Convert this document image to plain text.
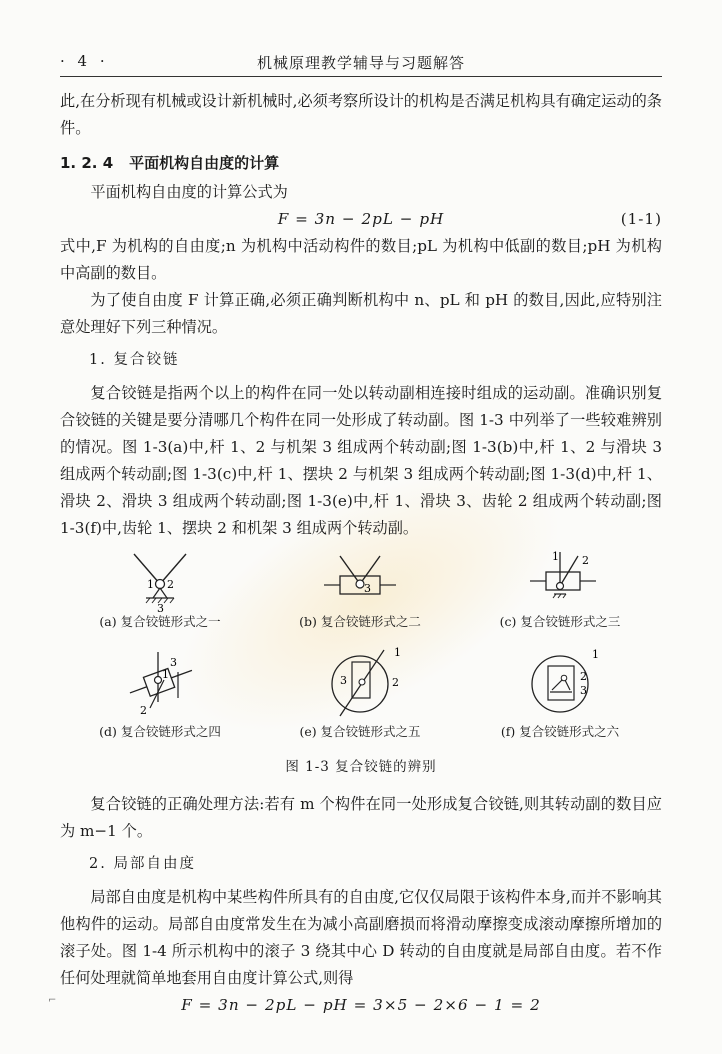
· 4 ·	机械原理教学辅导与习题解答

此,在分析现有机械或设计新机械时,必须考察所设计的机构是否满足机构具有确定运动的条件。

1. 2. 4 平面机构自由度的计算

平面机构自由度的计算公式为

F = 3n − 2pL − pH	(1-1)

式中,F 为机构的自由度;n 为机构中活动构件的数目;pL 为机构中低副的数目;pH 为机构中高副的数目。

为了使自由度 F 计算正确,必须正确判断机构中 n、pL 和 pH 的数目,因此,应特别注意处理好下列三种情况。

1. 复合铰链

复合铰链是指两个以上的构件在同一处以转动副相连接时组成的运动副。准确识别复合铰链的关键是要分清哪几个构件在同一处形成了转动副。图 1-3 中列举了一些较难辨别的情况。图 1-3(a)中,杆 1、2 与机架 3 组成两个转动副;图 1-3(b)中,杆 1、2 与滑块 3 组成两个转动副;图 1-3(c)中,杆 1、摆块 2 与机架 3 组成两个转动副;图 1-3(d)中,杆 1、滑块 2、滑块 3 组成两个转动副;图 1-3(e)中,杆 1、滑块 3、齿轮 2 组成两个转动副;图 1-3(f)中,齿轮 1、摆块 2 和机架 3 组成两个转动副。

1 2
3
(a) 复合铰链形式之一
3
(b) 复合铰链形式之二
1 2
(c) 复合铰链形式之三
3
1
2
(d) 复合铰链形式之四
1
2
3
(e) 复合铰链形式之五
1
2
3
(f) 复合铰链形式之六
图 1-3 复合铰链的辨别

复合铰链的正确处理方法:若有 m 个构件在同一处形成复合铰链,则其转动副的数目应为 m−1 个。

2. 局部自由度

局部自由度是机构中某些构件所具有的自由度,它仅仅局限于该构件本身,而并不影响其他构件的运动。局部自由度常发生在为减小高副磨损而将滑动摩擦变成滚动摩擦所增加的滚子处。图 1-4 所示机构中的滚子 3 绕其中心 D 转动的自由度就是局部自由度。若不作任何处理就简单地套用自由度计算公式,则得

F = 3n − 2pL − pH = 3×5 − 2×6 − 1 = 2
⌐
